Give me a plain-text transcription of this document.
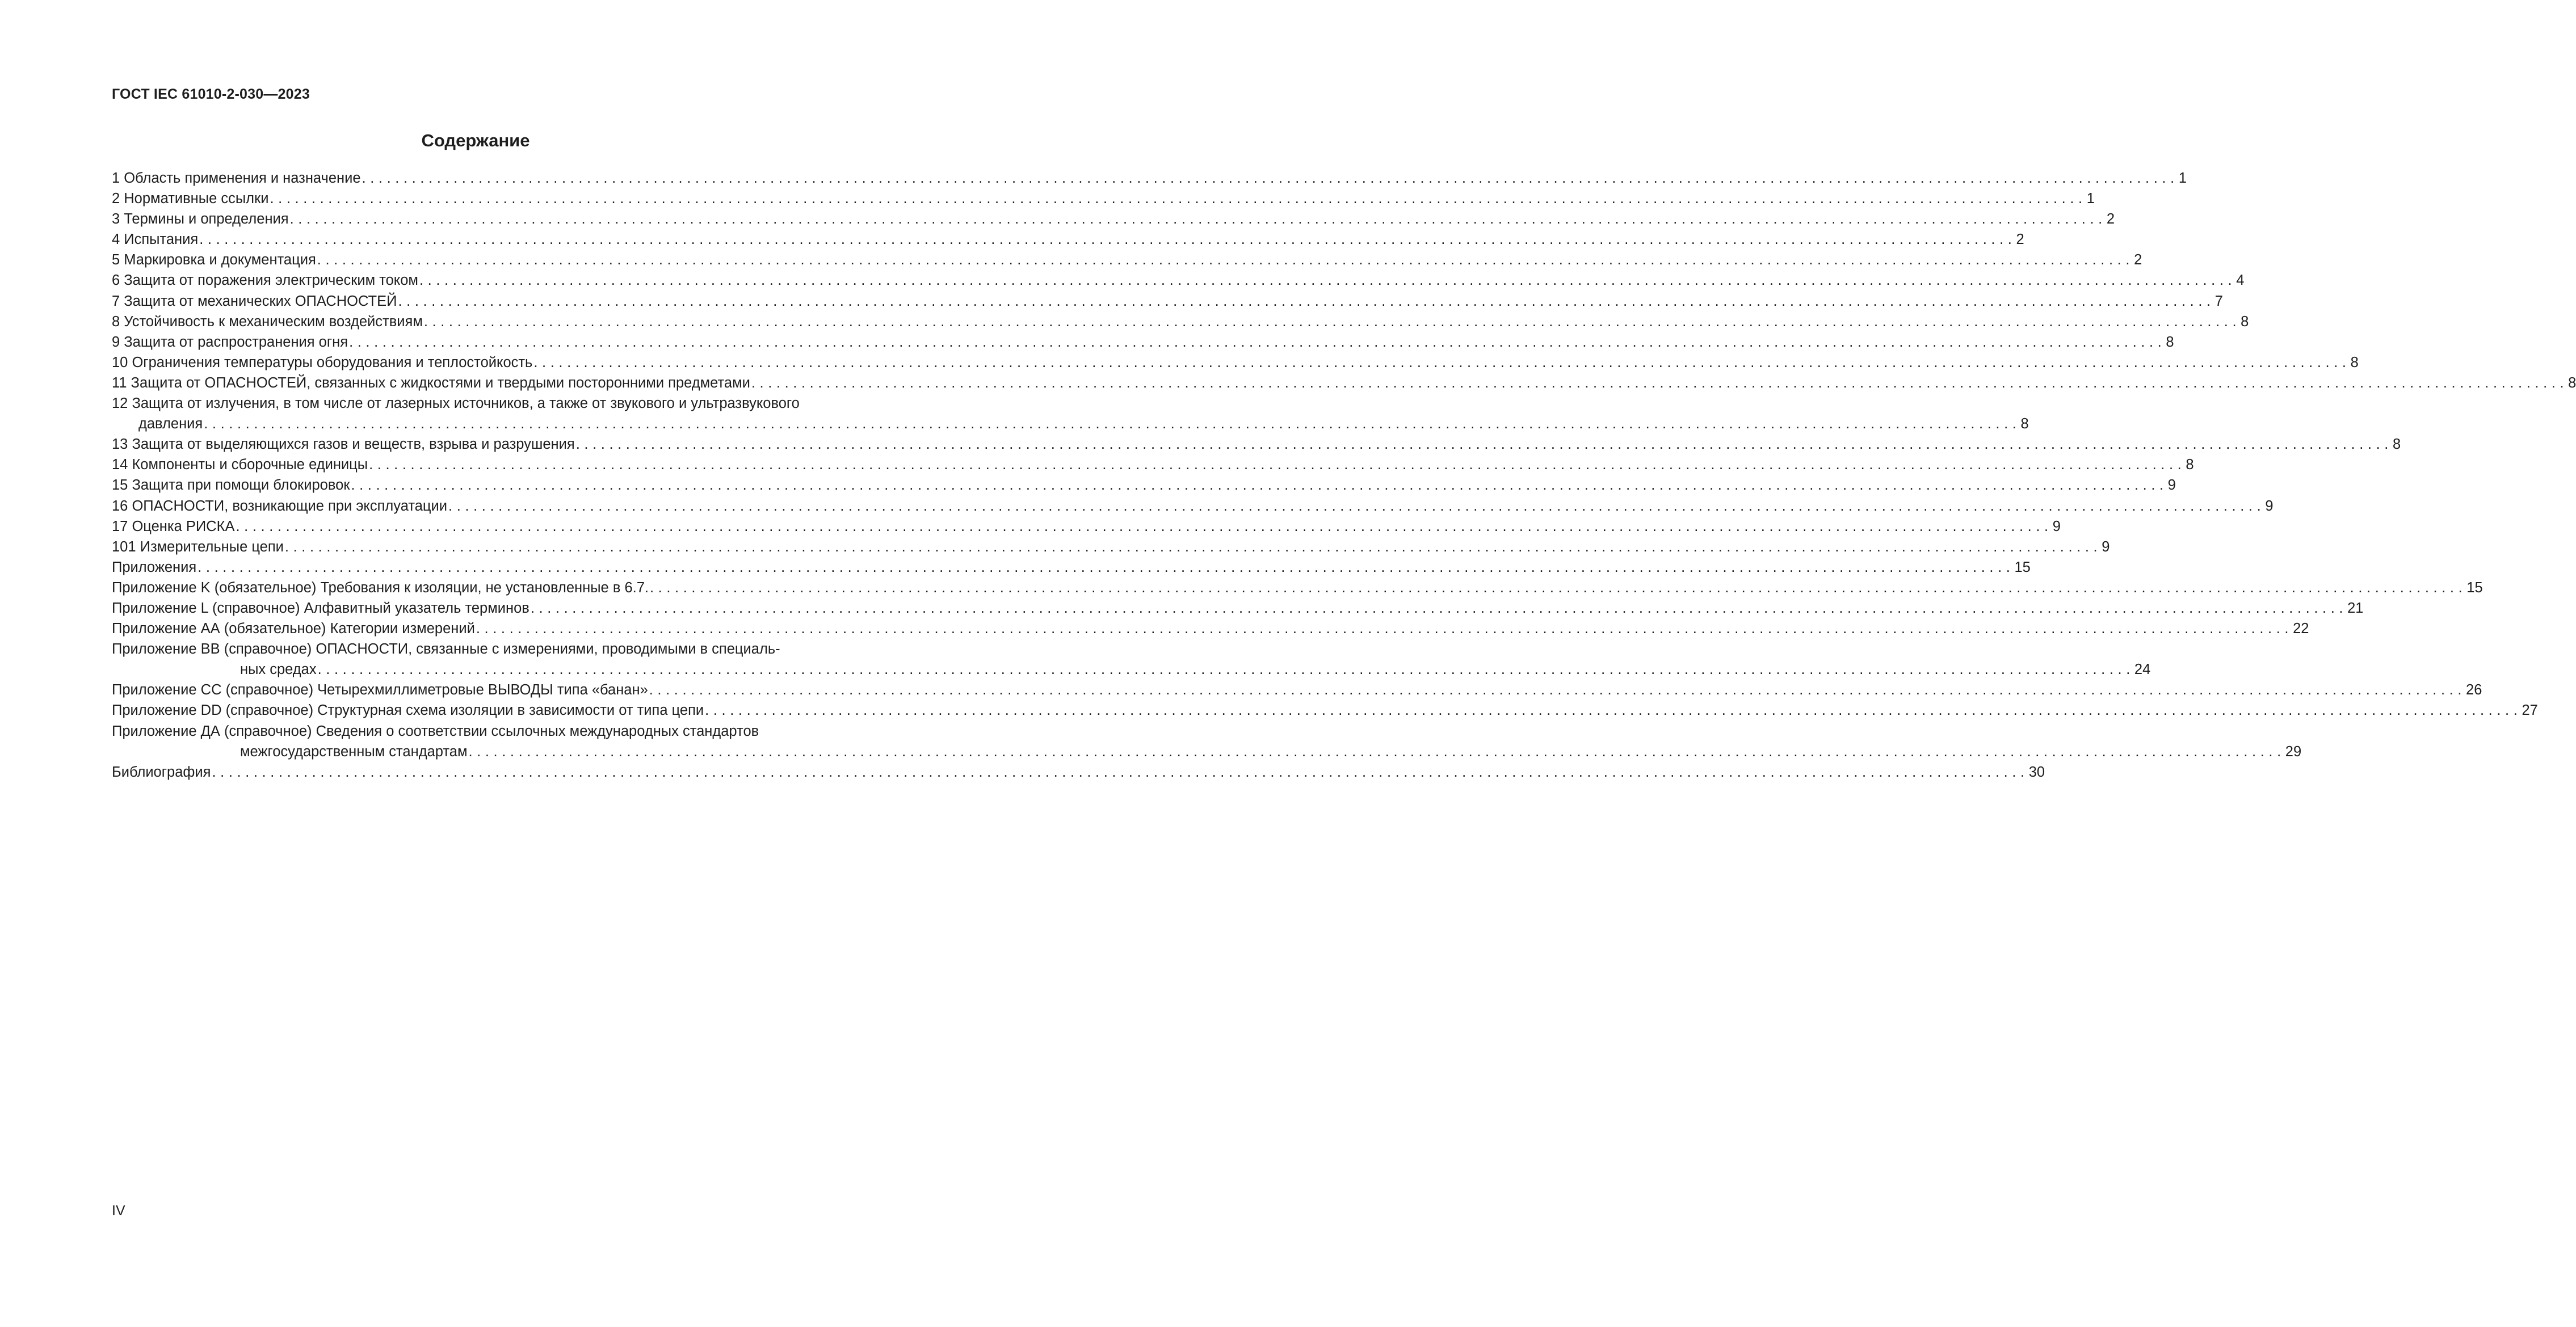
ГОСТ IEC 61010-2-030—2023
Содержание
1 Область применения и назначение .......................................................................................................................................................................................................................... 1
2 Нормативные ссылки .......................................................................................................................................................................................................................... 1
3 Термины и определения .......................................................................................................................................................................................................................... 2
4 Испытания .......................................................................................................................................................................................................................... 2
5 Маркировка и документация .......................................................................................................................................................................................................................... 2
6 Защита от поражения электрическим током .......................................................................................................................................................................................................................... 4
7 Защита от механических ОПАСНОСТЕЙ .......................................................................................................................................................................................................................... 7
8 Устойчивость к механическим воздействиям .......................................................................................................................................................................................................................... 8
9 Защита от распространения огня .......................................................................................................................................................................................................................... 8
10 Ограничения температуры оборудования и теплостойкость .......................................................................................................................................................................................................................... 8
11 Защита от ОПАСНОСТЕЙ, связанных с жидкостями и твердыми посторонними предметами .......................................................................................................................................................................................................................... 8
12 Защита от излучения, в том числе от лазерных источников, а также от звукового и ультразвукового
давления .......................................................................................................................................................................................................................... 8
13 Защита от выделяющихся газов и веществ, взрыва и разрушения .......................................................................................................................................................................................................................... 8
14 Компоненты и сборочные единицы .......................................................................................................................................................................................................................... 8
15 Защита при помощи блокировок .......................................................................................................................................................................................................................... 9
16 ОПАСНОСТИ, возникающие при эксплуатации .......................................................................................................................................................................................................................... 9
17 Оценка РИСКА .......................................................................................................................................................................................................................... 9
101 Измерительные цепи .......................................................................................................................................................................................................................... 9
Приложения .......................................................................................................................................................................................................................... 15
Приложение K (обязательное) Требования к изоляции, не установленные в 6.7. .......................................................................................................................................................................................................................... 15
Приложение L (справочное) Алфавитный указатель терминов .......................................................................................................................................................................................................................... 21
Приложение АА (обязательное) Категории измерений .......................................................................................................................................................................................................................... 22
Приложение ВВ (справочное) ОПАСНОСТИ, связанные с измерениями, проводимыми в специаль-
ных средах .......................................................................................................................................................................................................................... 24
Приложение СС (справочное) Четырехмиллиметровые ВЫВОДЫ типа «банан» .......................................................................................................................................................................................................................... 26
Приложение DD (справочное) Структурная схема изоляции в зависимости от типа цепи .......................................................................................................................................................................................................................... 27
Приложение ДА (справочное) Сведения о соответствии ссылочных международных стандартов
межгосударственным стандартам .......................................................................................................................................................................................................................... 29
Библиография .......................................................................................................................................................................................................................... 30
IV
